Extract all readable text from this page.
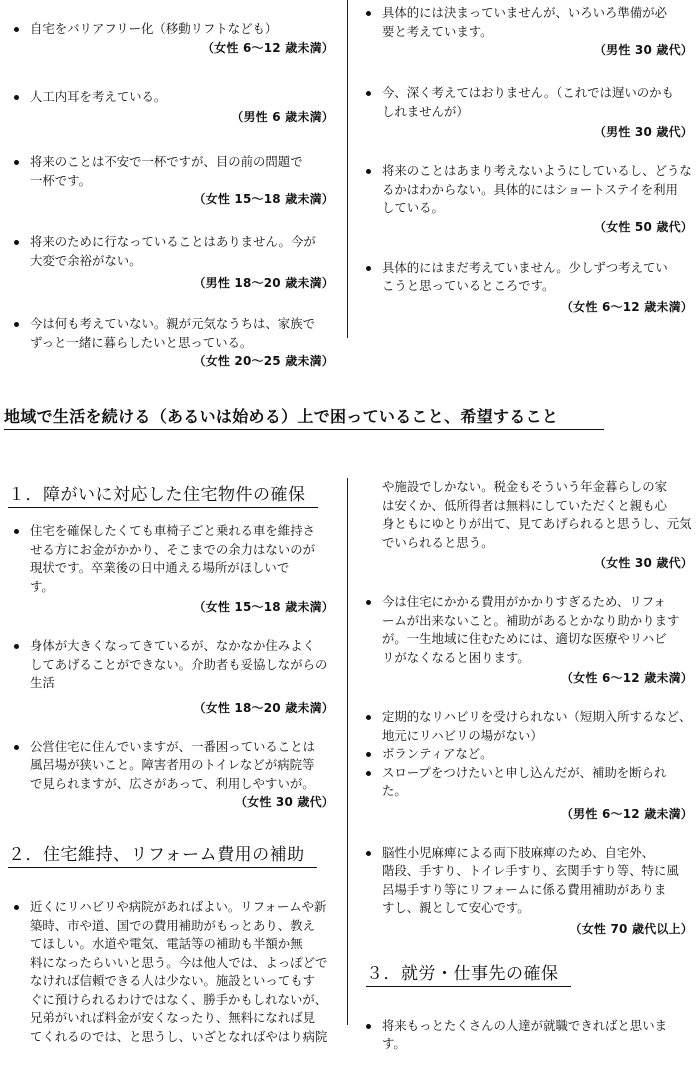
自宅をバリアフリー化（移動リフトなども）

（女性 6～12 歳未満）

人工内耳を考えている。

（男性 6 歳未満）

将来のことは不安で一杯ですが、目の前の問題で

一杯です。

（女性 15～18 歳未満）

将来のために行なっていることはありません。今が

大変で余裕がない。

（男性 18～20 歳未満）

今は何も考えていない。親が元気なうちは、家族で

ずっと一緒に暮らしたいと思っている。

（女性 20～25 歳未満）

具体的には決まっていませんが、いろいろ準備が必

要と考えています。

（男性 30 歳代）

今、深く考えてはおりません。（これでは遅いのかも

しれませんが）

（男性 30 歳代）

将来のことはあまり考えないようにしているし、どうな

るかはわからない。具体的にはショートステイを利用

している。

（女性 50 歳代）

具体的にはまだ考えていません。少しずつ考えてい

こうと思っているところです。

（女性 6～12 歳未満）
地域で生活を続ける（あるいは始める）上で困っていること、希望すること
１．障がいに対応した住宅物件の確保

住宅を確保したくても車椅子ごと乗れる車を維持さ

せる方にお金がかかり、そこまでの余力はないのが

現状です。卒業後の日中通える場所がほしいで

す。

（女性 15～18 歳未満）

身体が大きくなってきているが、なかなか住みよく

してあげることができない。介助者も妥協しながらの

生活

（女性 18～20 歳未満）

公営住宅に住んでいますが、一番困っていることは

風呂場が狭いこと。障害者用のトイレなどが病院等

で見られますが、広さがあって、利用しやすいが。

（女性 30 歳代）
２．住宅維持、リフォーム費用の補助

近くにリハビリや病院があればよい。リフォームや新

築時、市や道、国での費用補助がもっとあり、教え

てほしい。水道や電気、電話等の補助も半額か無

料になったらいいと思う。今は他人では、よっぽどで

なければ信頼できる人は少ない。施設といってもす

ぐに預けられるわけではなく、勝手かもしれないが、

兄弟がいれば料金が安くなったり、無料になれば見

てくれるのでは、と思うし、いざとなればやはり病院

や施設でしかない。税金もそういう年金暮らしの家

は安くか、低所得者は無料にしていただくと親も心

身ともにゆとりが出て、見てあげられると思うし、元気

でいられると思う。

（女性 30 歳代）

今は住宅にかかる費用がかかりすぎるため、リフォ

ームが出来ないこと。補助があるとかなり助かります

が。一生地域に住むためには、適切な医療やリハビ

リがなくなると困ります。

（女性 6～12 歳未満）

定期的なリハビリを受けられない（短期入所するなど、

地元にリハビリの場がない）

ボランティアなど。

スロープをつけたいと申し込んだが、補助を断られ

た。

（男性 6～12 歳未満）

脳性小児麻痺による両下肢麻痺のため、自宅外、

階段、手すり、トイレ手すり、玄関手すり等、特に風

呂場手すり等にリフォームに係る費用補助がありま

すし、親として安心です。

（女性 70 歳代以上）
３．就労・仕事先の確保

将来もっとたくさんの人達が就職できればと思いま

す。
